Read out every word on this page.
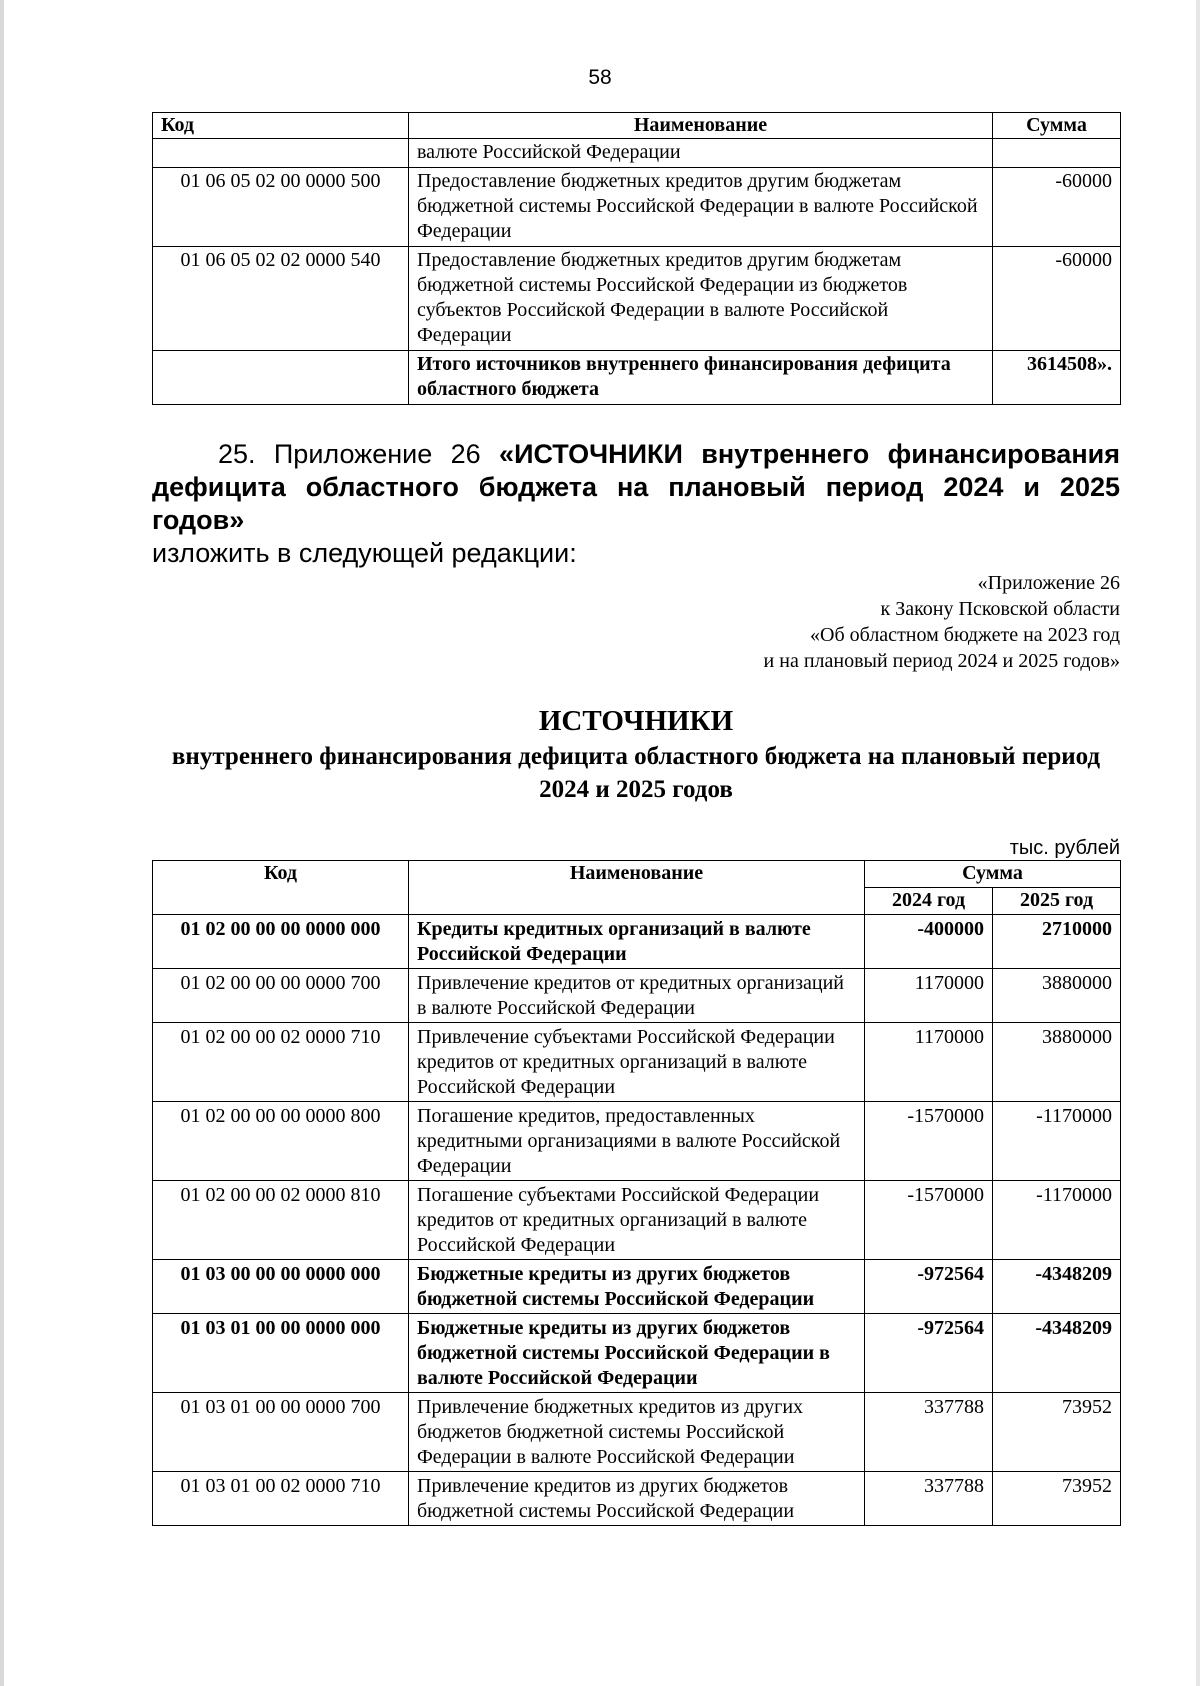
58
Код	Наименование	Сумма
	валюте Российской Федерации	
01 06 05 02 00 0000 500	Предоставление бюджетных кредитов другим бюджетам бюджетной системы Российской Федерации в валюте Российской Федерации	-60000
01 06 05 02 02 0000 540	Предоставление бюджетных кредитов другим бюджетам бюджетной системы Российской Федерации из бюджетов субъектов Российской Федерации в валюте Российской Федерации	-60000
	Итого источников внутреннего финансирования дефицита областного бюджета	3614508».

25. Приложение 26 «ИСТОЧНИКИ внутреннего финансирования дефицита областного бюджета на плановый период 2024 и 2025 годов»

изложить в следующей редакции:

«Приложение 26
к Закону Псковской области
«Об областном бюджете на 2023 год
и на плановый период 2024 и 2025 годов»

ИСТОЧНИКИ

внутреннего финансирования дефицита областного бюджета на плановый период 2024 и 2025 годов

тыс. рублей
Код	Наименование	Сумма	
		2024 год	2025 год
01 02 00 00 00 0000 000	Кредиты кредитных организаций в валюте Российской Федерации	-400000	2710000
01 02 00 00 00 0000 700	Привлечение кредитов от кредитных организаций в валюте Российской Федерации	1170000	3880000
01 02 00 00 02 0000 710	Привлечение субъектами Российской Федерации кредитов от кредитных организаций в валюте Российской Федерации	1170000	3880000
01 02 00 00 00 0000 800	Погашение кредитов, предоставленных кредитными организациями в валюте Российской Федерации	-1570000	-1170000
01 02 00 00 02 0000 810	Погашение субъектами Российской Федерации кредитов от кредитных организаций в валюте Российской Федерации	-1570000	-1170000
01 03 00 00 00 0000 000	Бюджетные кредиты из других бюджетов бюджетной системы Российской Федерации	-972564	-4348209
01 03 01 00 00 0000 000	Бюджетные кредиты из других бюджетов бюджетной системы Российской Федерации в валюте Российской Федерации	-972564	-4348209
01 03 01 00 00 0000 700	Привлечение бюджетных кредитов из других бюджетов бюджетной системы Российской Федерации в валюте Российской Федерации	337788	73952
01 03 01 00 02 0000 710	Привлечение кредитов из других бюджетов бюджетной системы Российской Федерации	337788	73952
